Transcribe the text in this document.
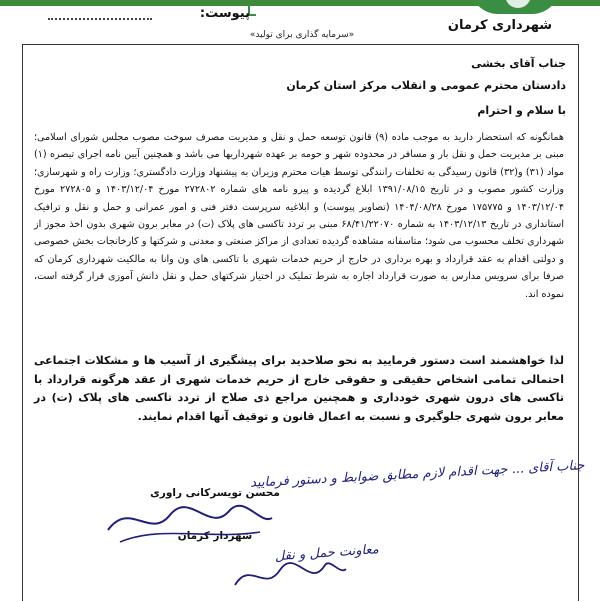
پیوست:
شهرداری کرمان
«سرمایه گذاری برای تولید»
جناب آقای بخشی
دادستان محترم عمومی و انقلاب مرکز استان کرمان
با سلام و احترام
همانگونه که استحضار دارید به موجب ماده (۹) قانون توسعه حمل و نقل و مدیریت مصرف سوخت مصوب مجلس شورای اسلامی؛ مبنی بر مدیریت حمل و نقل بار و مسافر در محدوده شهر و حومه بر عهده شهرداریها می باشد و همچنین آیین نامه اجرای تبصره (۱) مواد (۳۱) و(۳۲) قانون رسیدگی به تخلفات رانندگی توسط هیات محترم وزیران به پیشنهاد وزارت دادگستری؛ وزارت راه و شهرسازی؛ وزارت کشور مصوب و در تاریخ ۱۳۹۱/۰۸/۱۵ ابلاغ گردیده و پیرو نامه های شماره ۲۷۲۸۰۲ مورخ ۱۴۰۳/۱۲/۰۴ و ۲۷۲۸۰۵ مورخ ۱۴۰۳/۱۲/۰۴ و ۱۷۵۷۷۵ مورخ ۱۴۰۴/۰۸/۲۸ (تصاویر پیوست) و ابلاغیه سرپرست دفتر فنی و امور عمرانی و حمل و نقل و ترافیک استانداری در تاریخ ۱۴۰۳/۱۲/۱۳ به شماره ۶۸/۴۱/۲۲۰۷۰ مبنی بر تردد تاکسی های پلاک (ت) در معابر برون شهری بدون اخذ مجوز از شهرداری تخلف محسوب می شود؛ متاسفانه مشاهده گردیده تعدادی از مراکز صنعتی و معدنی و شرکتها و کارخانجات بخش خصوصی و دولتی اقدام به عقد قرارداد و بهره برداری در خارج از حریم خدمات شهری با تاکسی های ون وانا به مالکیت شهرداری کرمان که صرفا برای سرویس مدارس به صورت قرارداد اجاره به شرط تملیک در اختیار شرکتهای حمل و نقل دانش آموزی قرار گرفته است، نموده اند.
لذا خواهشمند است دستور فرمایید به نحو صلاحدید برای پیشگیری از آسیب ها و مشکلات اجتماعی احتمالی تمامی اشخاص حقیقی و حقوقی خارج از حریم خدمات شهری از عقد هرگونه قرارداد با تاکسی های درون شهری خودداری و همچنین مراجع ذی صلاح از تردد تاکسی های پلاک (ت) در معابر برون شهری جلوگیری و نسبت به اعمال قانون و توقیف آنها اقدام نمایند.
جناب آقای ... جهت اقدام لازم مطابق ضوابط و دستور فرمایید
محسن تویسرکانی راوری
شهردار کرمان
معاونت حمل و نقل
